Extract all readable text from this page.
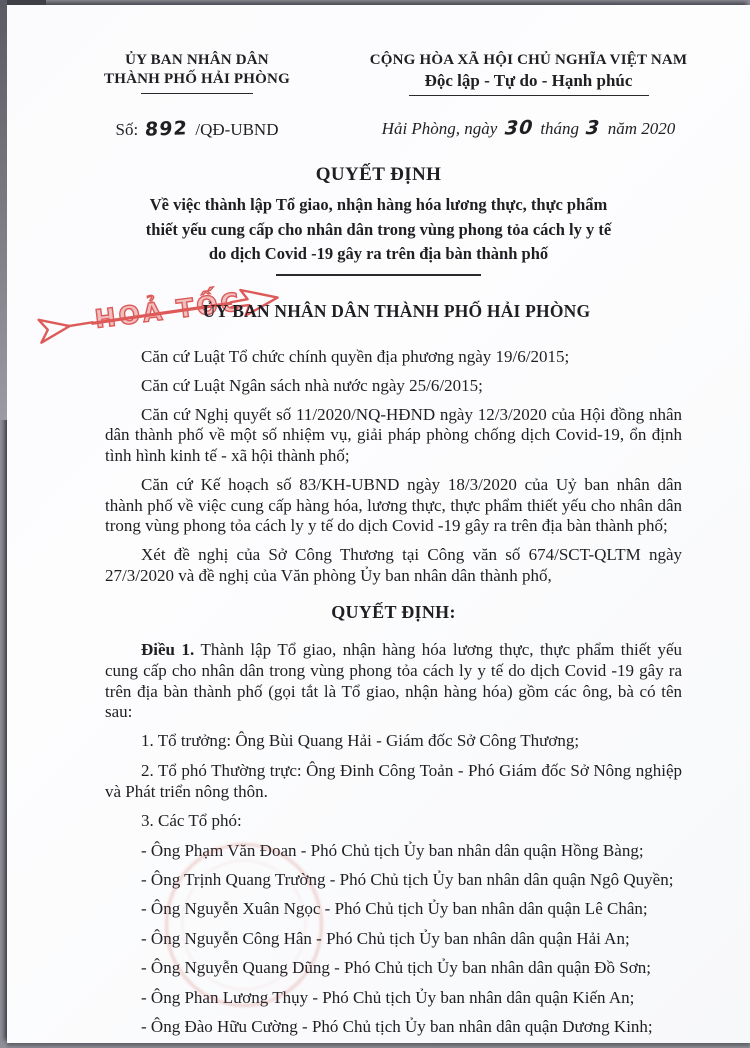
ỦY BAN NHÂN DÂN
THÀNH PHỐ HẢI PHÒNG
Số: 892 /QĐ-UBND
CỘNG HÒA XÃ HỘI CHỦ NGHĨA VIỆT NAM
Độc lập - Tự do - Hạnh phúc
Hải Phòng, ngày 30 tháng 3 năm 2020
QUYẾT ĐỊNH
Về việc thành lập Tổ giao, nhận hàng hóa lương thực, thực phẩm
thiết yếu cung cấp cho nhân dân trong vùng phong tỏa cách ly y tế
do dịch Covid -19 gây ra trên địa bàn thành phố
HOẢ TỐC
ỦY BAN NHÂN DÂN THÀNH PHỐ HẢI PHÒNG

Căn cứ Luật Tổ chức chính quyền địa phương ngày 19/6/2015;

Căn cứ Luật Ngân sách nhà nước ngày 25/6/2015;

Căn cứ Nghị quyết số 11/2020/NQ-HĐND ngày 12/3/2020 của Hội đồng nhân dân thành phố về một số nhiệm vụ, giải pháp phòng chống dịch Covid-19, ổn định tình hình kinh tế - xã hội thành phố;

Căn cứ Kế hoạch số 83/KH-UBND ngày 18/3/2020 của Uỷ ban nhân dân thành phố về việc cung cấp hàng hóa, lương thực, thực phẩm thiết yếu cho nhân dân trong vùng phong tỏa cách ly y tế do dịch Covid -19 gây ra trên địa bàn thành phố;

Xét đề nghị của Sở Công Thương tại Công văn số 674/SCT-QLTM ngày 27/3/2020 và đề nghị của Văn phòng Ủy ban nhân dân thành phố,

QUYẾT ĐỊNH:

Điều 1. Thành lập Tổ giao, nhận hàng hóa lương thực, thực phẩm thiết yếu cung cấp cho nhân dân trong vùng phong tỏa cách ly y tế do dịch Covid -19 gây ra trên địa bàn thành phố (gọi tắt là Tổ giao, nhận hàng hóa) gồm các ông, bà có tên sau:

1. Tổ trưởng: Ông Bùi Quang Hải - Giám đốc Sở Công Thương;

2. Tổ phó Thường trực: Ông Đinh Công Toản - Phó Giám đốc Sở Nông nghiệp và Phát triển nông thôn.

3. Các Tổ phó:

- Ông Phạm Văn Đoan - Phó Chủ tịch Ủy ban nhân dân quận Hồng Bàng;

- Ông Trịnh Quang Trường - Phó Chủ tịch Ủy ban nhân dân quận Ngô Quyền;

- Ông Nguyễn Xuân Ngọc - Phó Chủ tịch Ủy ban nhân dân quận Lê Chân;

- Ông Nguyễn Công Hân - Phó Chủ tịch Ủy ban nhân dân quận Hải An;

- Ông Nguyễn Quang Dũng - Phó Chủ tịch Ủy ban nhân dân quận Đồ Sơn;

- Ông Phan Lương Thụy - Phó Chủ tịch Ủy ban nhân dân quận Kiến An;

- Ông Đào Hữu Cường - Phó Chủ tịch Ủy ban nhân dân quận Dương Kinh;
